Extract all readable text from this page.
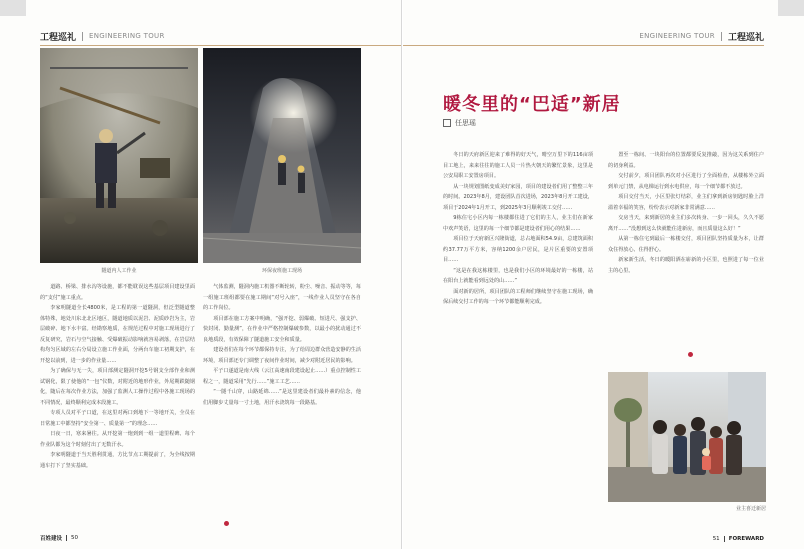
工程巡礼 ENGINEERING TOUR
隧道内人工作业	环保夜班施工现场

道路、桥梁、排水沟等设施，都不能耽误这些基层项目建设里面的“支付”施工重点。

李家明隧道全长4800米，是工程的第一道隧洞，但泛型隧道整体特殊，地处川东北北区地区，隧道地质以泥岩、泥质砂岩为主，岩层破碎、地下水丰富。经勘察地质，在规范过程中对施工现场进行了反复研究，岩石与空气接触、受爆破振动影响就容易剥落，在岩层结构均匀区域的左右分局设立施工作业面，分两台车施工初期支护，在开挖以前到，进一步的作业量……

为了确保与无一失，项目部测定隧洞开挖5号钢支全部作业和测试钢化，限了使他的“一包”仪数，对附近的地形作业，外尾期跌随钢化，随后在每次作业方法，加强了监测人工操作过程中各施工现场的不同情况，最终顺利完成本段施工。

专项人员对平子口道，在这里对两口到地下一等地开关，全员在日常施工中都坚持“安全第一、质量第一”的理念……

日夜一日，寒来暑往。从开挖第一炮到到一组一道里程碑、每个作业队都为这个时刻付出了无数汗水。

李家明隧道于当天胜利贯通，方比节点工期提前了，为全线按期通车打下了坚实基础。

气体监测，隧洞内施工机器不断轮转，粉尘、噪音、振动等等，每一组施工班组都要在施工期间“对号入座”，一线作业人员坚守在各自的工作岗位。

项目部在施工方案中明确，“强开挖、弱爆破、短进尺、强支护、快封闭、勤量测”，在作业中严格控制爆破参数，以最小的扰动通过不良地质段，有效保障了隧道施工安全和质量。

建设者们在每个环节都保持专注，为了给周边群众营造安静的生活环境，项目部还专门调整了夜间作业时间，减少对附近居民的影响。

平子口遂道是南大线（云江高速南段建设起止……）重点控制性工程之一，隧道采用“先行……”施工工艺……

“一隧千山穿，山路延绵……”是这里建设者们最朴素的信念，他们用脚步丈量每一寸土地，用汗水浇筑每一段路基。

百姓建设 50
ENGINEERING TOUR 工程巡礼
暖冬里的“巴适”新居
任思瑶

冬日的天府新区迎来了难得的好天气，晴空万里下的116亩项目工地上，来来往往的施工人员一片热火朝天的繁忙景象，这里是公安局职工安置房项目。

从一块规划图纸变成美好家园，项目的建设者们用了整整三年的时间。2023年8月，建设团队首次进场，2023年8月开工建设，项目于2024年1月开工，到2025年3月顺利竣工交付……

9栋住宅小区内每一栋楼都住进了它们的主人，业主们在新家中欢声笑语，这里的每一个细节都是建设者们用心的结果……

项目位于天府新区兴隆街道，总占地面积54.9亩，总建筑面积约37.77万平方米，容纳1200余户居民，是片区重要的安置项目……

“这是在我这栋楼里，也是我们小区的环境最好的一栋楼，站在阳台上就能看到远处的山……”

面对新的居所，项目团队的工程师们继续坚守在施工现场，确保后续交付工作的每一个环节都能顺利完成。

置至一栋间、一块阳台的位置都要反复推敲，因为这关系到住户的切身利益。

交付前夕，项目团队再次对小区进行了全面检查，从楼栋外立面到单元门禁，从电梯运行到水电供应，每一个细节都不放过。

项目交付当天，小区里张灯结彩，业主们拿到新房钥匙时脸上洋溢着幸福的笑容，纷纷表示对新家非常满意……

交房当天，来到新居的业主们多次转身、一步一回头，久久不愿离开……“没想到这么快就能住进新房，而且质量这么好！”

从第一栋住宅到最后一栋楼交付，项目团队坚持质量为本，让群众住得放心、住得舒心。

新家新生活，冬日的暖阳洒在崭新的小区里，也照进了每一位业主的心里。

业主喜迁新居
51 FOREWARD
